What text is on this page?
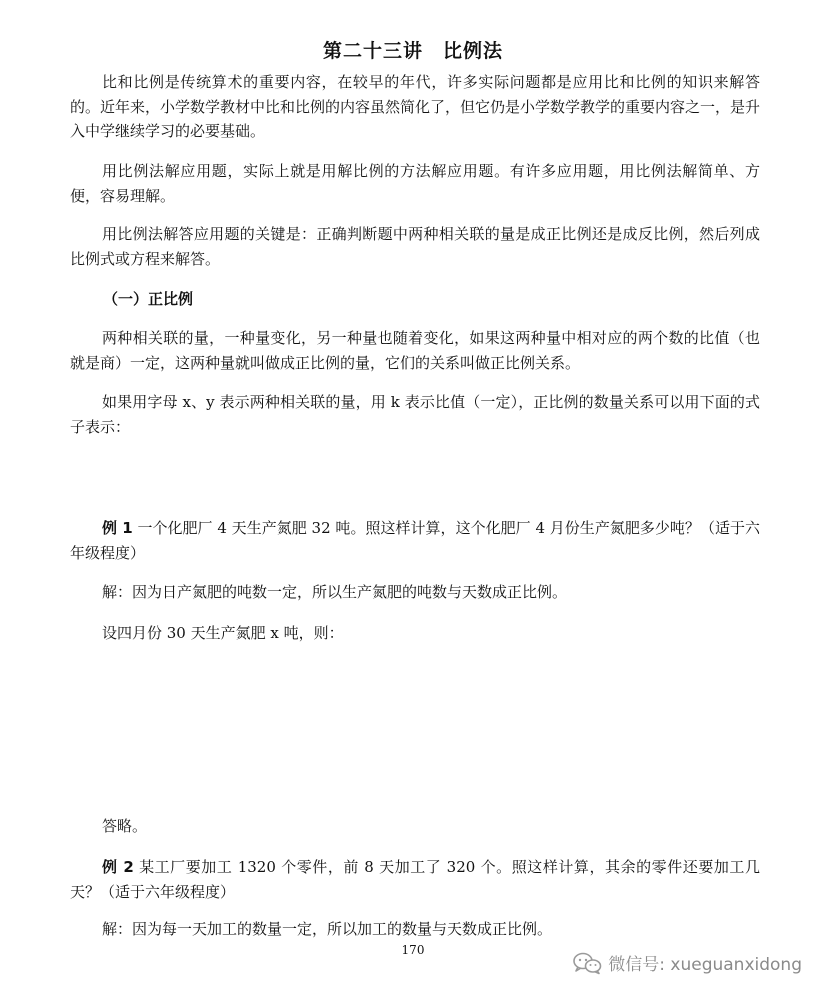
第二十三讲　比例法
比和比例是传统算术的重要内容，在较早的年代，许多实际问题都是应用比和比例的知识来解答的。近年来，小学数学教材中比和比例的内容虽然简化了，但它仍是小学数学教学的重要内容之一，是升入中学继续学习的必要基础。
用比例法解应用题，实际上就是用解比例的方法解应用题。有许多应用题，用比例法解简单、方便，容易理解。
用比例法解答应用题的关键是：正确判断题中两种相关联的量是成正比例还是成反比例，然后列成比例式或方程来解答。
（一）正比例
两种相关联的量，一种量变化，另一种量也随着变化，如果这两种量中相对应的两个数的比值（也就是商）一定，这两种量就叫做成正比例的量，它们的关系叫做正比例关系。
如果用字母 x、y 表示两种相关联的量，用 k 表示比值（一定），正比例的数量关系可以用下面的式子表示：
例 1 一个化肥厂 4 天生产氮肥 32 吨。照这样计算，这个化肥厂 4 月份生产氮肥多少吨？（适于六年级程度）
解：因为日产氮肥的吨数一定，所以生产氮肥的吨数与天数成正比例。
设四月份 30 天生产氮肥 x 吨，则：
答略。
例 2 某工厂要加工 1320 个零件，前 8 天加工了 320 个。照这样计算，其余的零件还要加工几天？（适于六年级程度）
解：因为每一天加工的数量一定，所以加工的数量与天数成正比例。
170
微信号: xueguanxidong
